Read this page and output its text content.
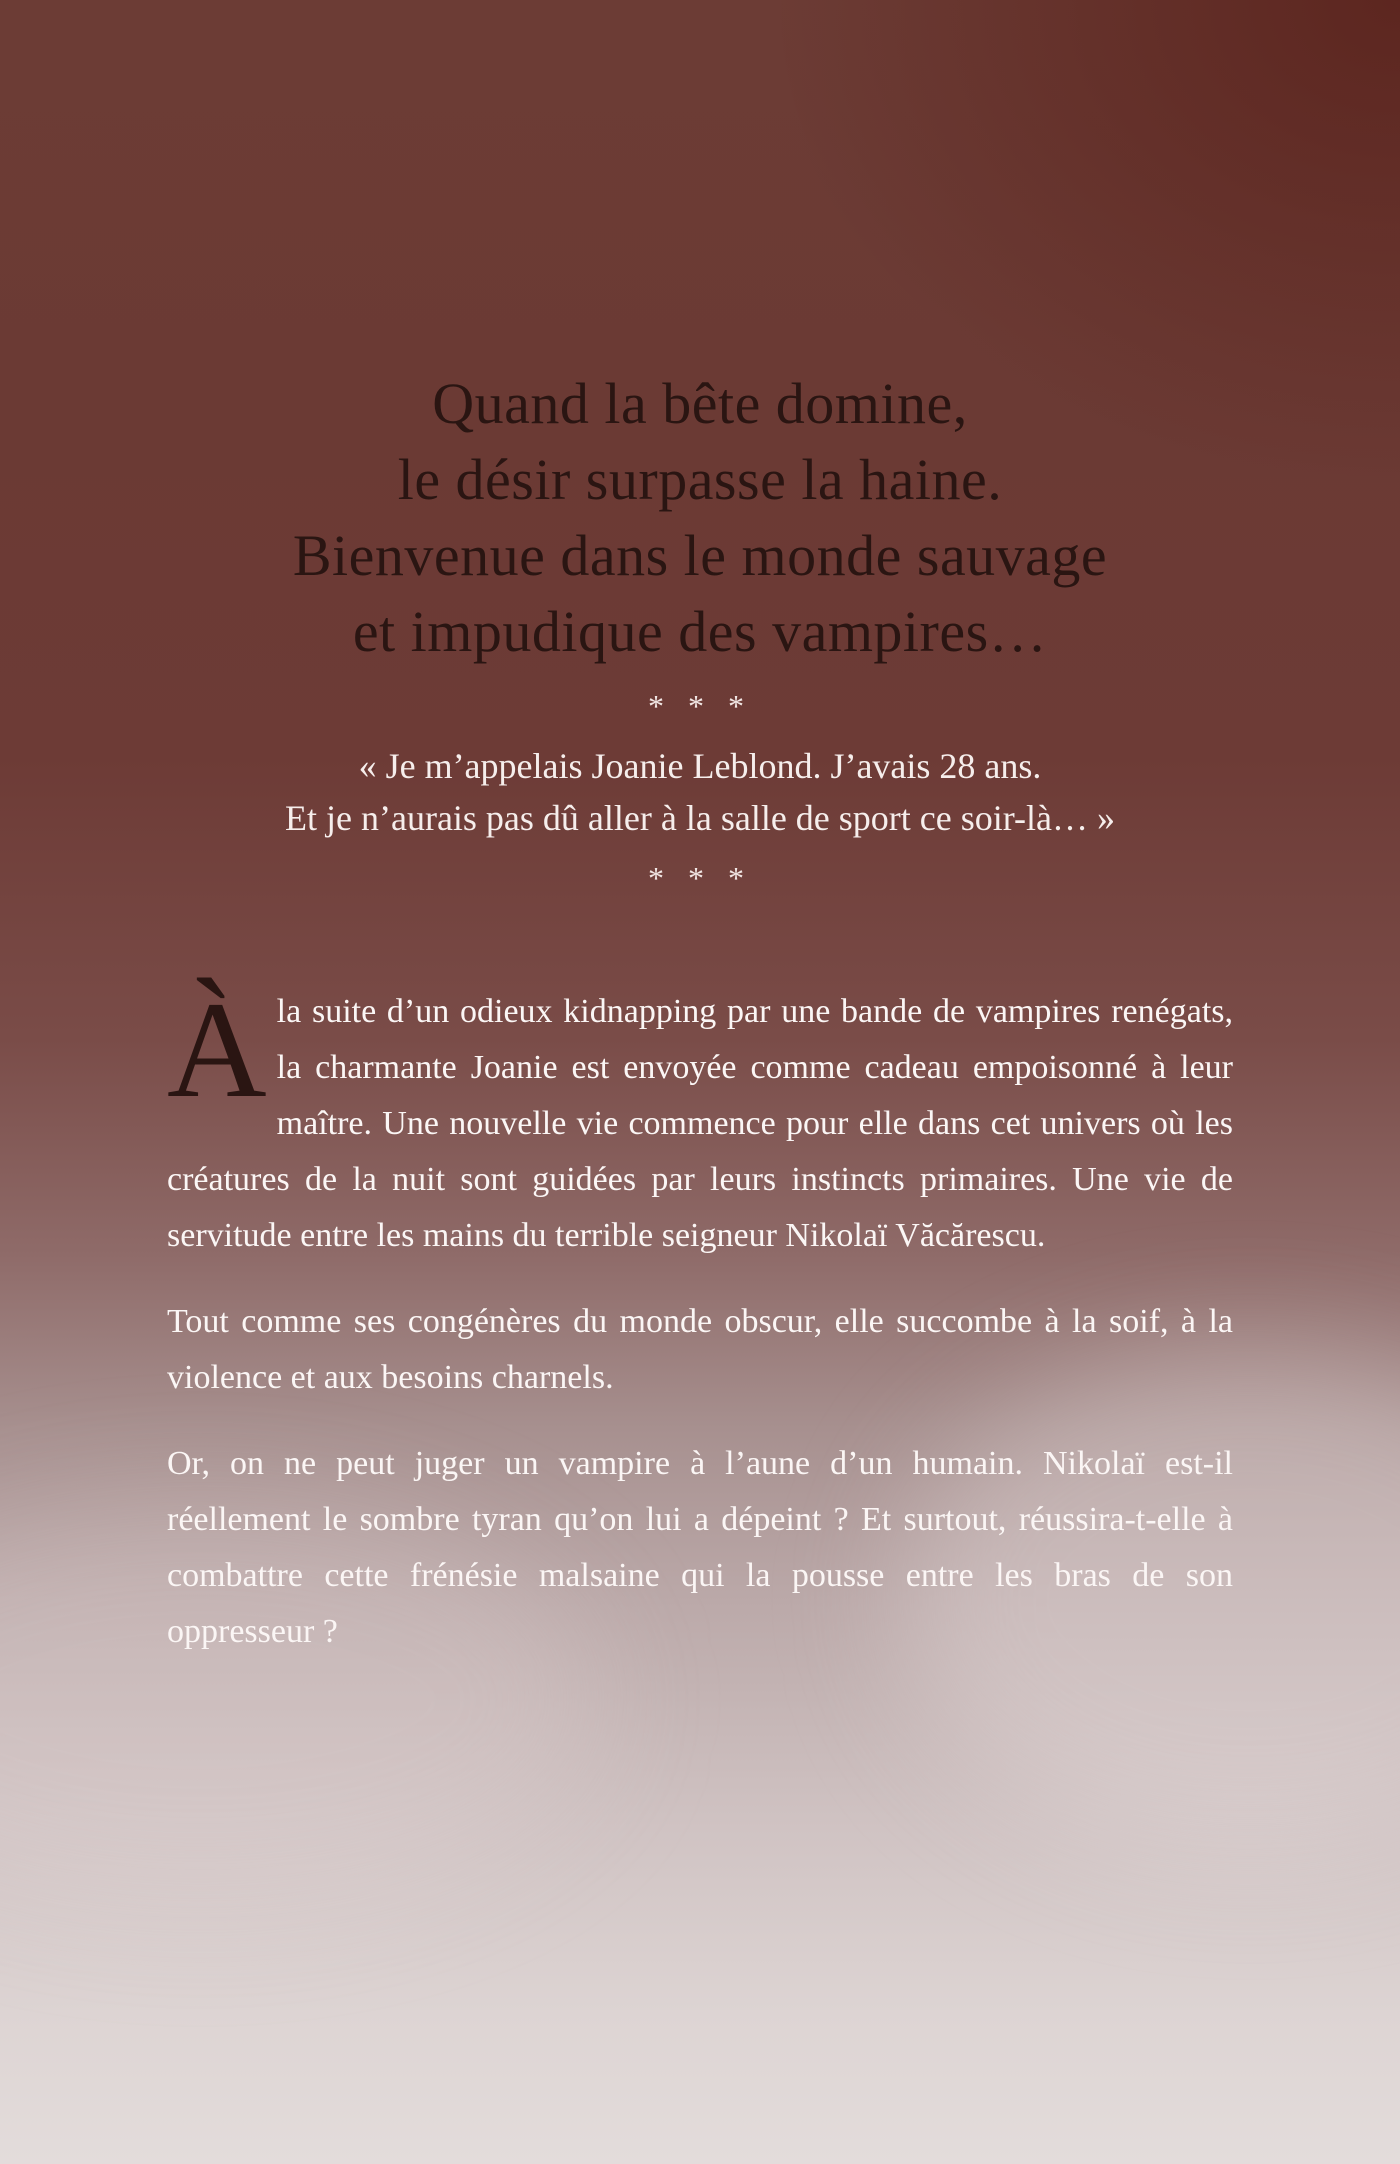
Quand la bête domine,
le désir surpasse la haine.
Bienvenue dans le monde sauvage
et impudique des vampires…
* * *
« Je m’appelais Joanie Leblond. J’avais 28 ans.
Et je n’aurais pas dû aller à la salle de sport ce soir-là… »
* * *

Àla suite d’un odieux kidnapping par une bande de vampires renégats, la charmante Joanie est envoyée comme cadeau empoisonné à leur maître. Une nouvelle vie commence pour elle dans cet univers où les créatures de la nuit sont guidées par leurs instincts primaires. Une vie de servitude entre les mains du terrible seigneur Nikolaï Văcărescu.

Tout comme ses congénères du monde obscur, elle succombe à la soif, à la violence et aux besoins charnels.

Or, on ne peut juger un vampire à l’aune d’un humain. Nikolaï est-il réellement le sombre tyran qu’on lui a dépeint ? Et surtout, réussira-t-elle à combattre cette frénésie malsaine qui la pousse entre les bras de son oppresseur ?
